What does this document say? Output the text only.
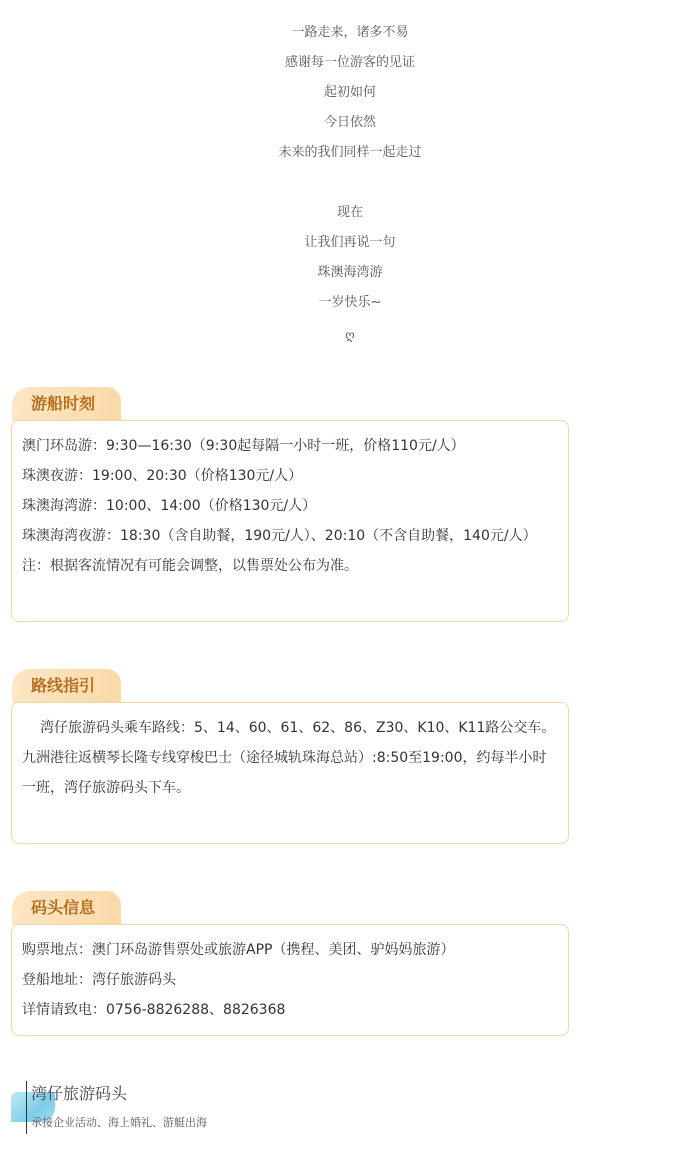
一路走来，诸多不易
感谢每一位游客的见证
起初如何
今日依然
未来的我们同样一起走过
现在
让我们再说一句
珠澳海湾游
一岁快乐~
ღ
游船时刻
澳门环岛游：9:30—16:30（9:30起每隔一小时一班，价格110元/人）
珠澳夜游：19:00、20:30（价格130元/人）
珠澳海湾游：10:00、14:00（价格130元/人）
珠澳海湾夜游：18:30（含自助餐，190元/人）、20:10（不含自助餐，140元/人）
注：根据客流情况有可能会调整，以售票处公布为准。
路线指引
湾仔旅游码头乘车路线：5、14、60、61、62、86、Z30、K10、K11路公交车。
九洲港往返横琴长隆专线穿梭巴士（途径城轨珠海总站）:8:50至19:00，约每半小时一班，湾仔旅游码头下车。
码头信息
购票地点：澳门环岛游售票处或旅游APP（携程、美团、驴妈妈旅游）
登船地址：湾仔旅游码头
详情请致电：0756-8826288、8826368
湾仔旅游码头
承接企业活动、海上婚礼、游艇出海
